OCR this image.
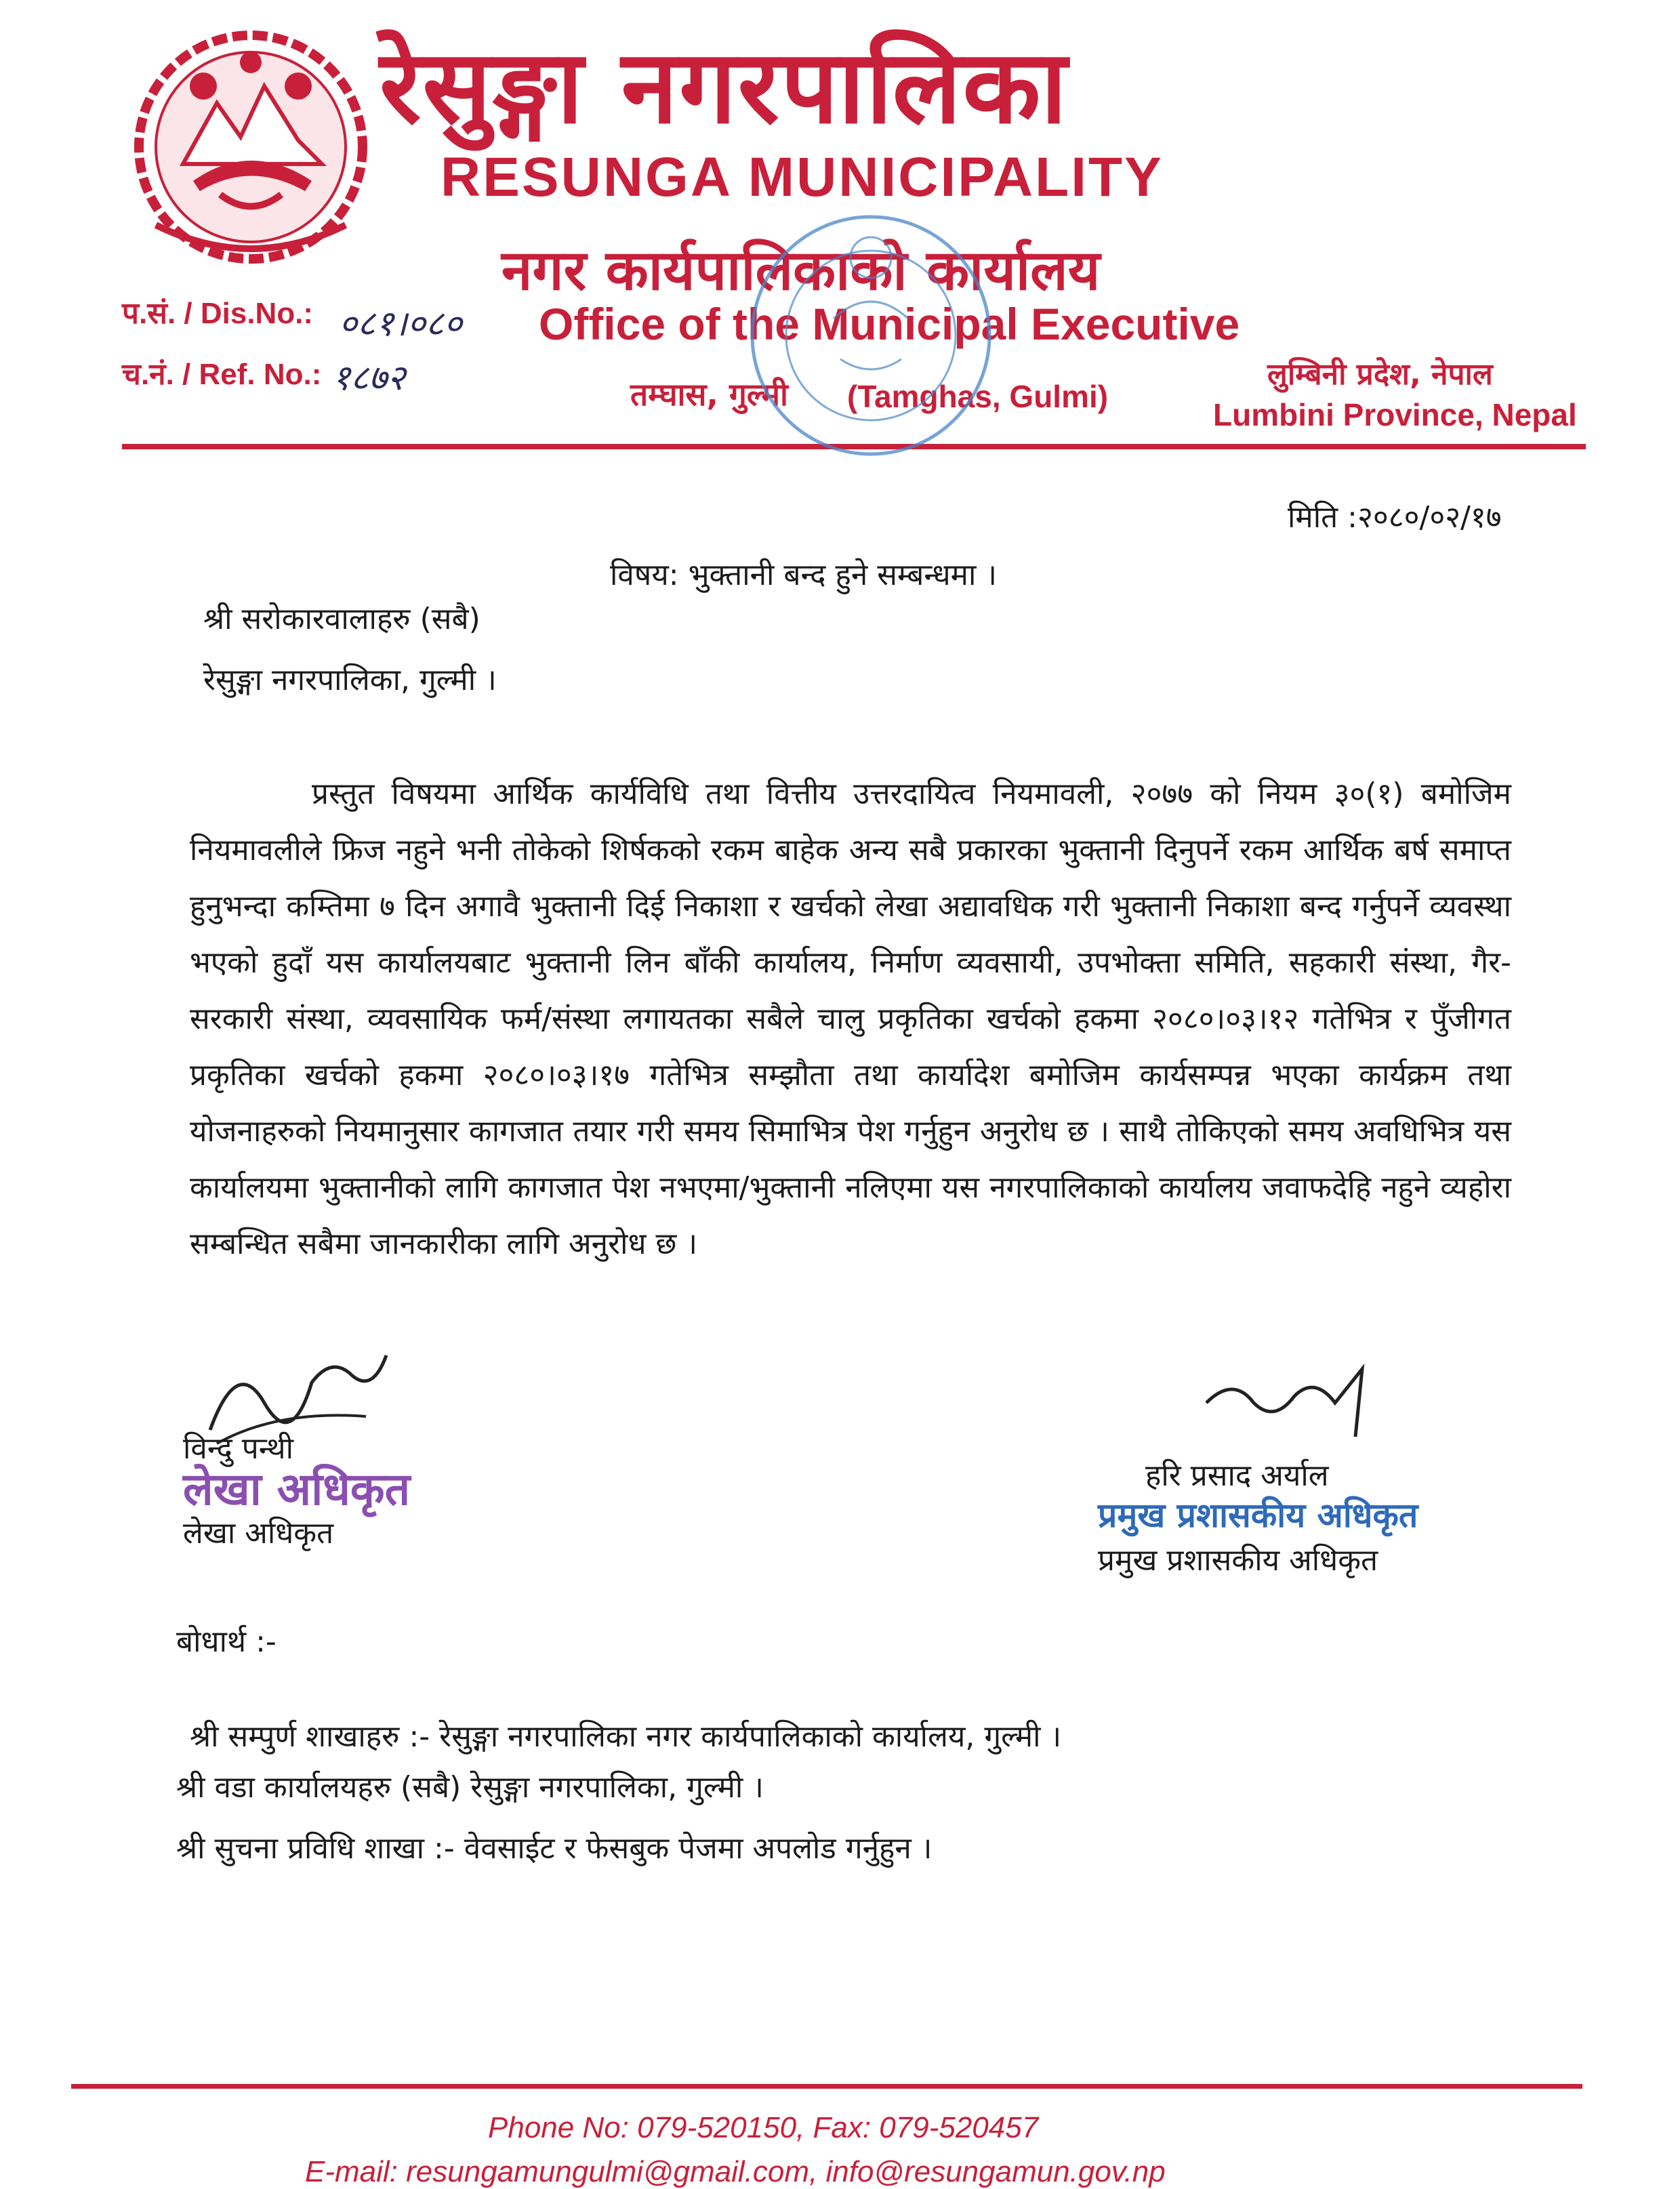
रेसुङ्गा नगरपालिका
RESUNGA MUNICIPALITY
नगर कार्यपालिकाको कार्यालय
प.सं. / Dis.No.: ०८१।०८०
च.नं. / Ref. No.: १८७२
Office of the Municipal Executive
तम्घास, गुल्मी (Tamghas, Gulmi)
लुम्बिनी प्रदेश, नेपाल
Lumbini Province, Nepal
मिति :२०८०/०२/१७
विषय: भुक्तानी बन्द हुने सम्बन्धमा ।
श्री सरोकारवालाहरु (सबै)
रेसुङ्गा नगरपालिका, गुल्मी ।
प्रस्तुत विषयमा आर्थिक कार्यविधि तथा वित्तीय उत्तरदायित्व नियमावली, २०७७ को नियम ३०(१) बमोजिम नियमावलीले फ्रिज नहुने भनी तोकेको शिर्षकको रकम बाहेक अन्य सबै प्रकारका भुक्तानी दिनुपर्ने रकम आर्थिक बर्ष समाप्त हुनुभन्दा कम्तिमा ७ दिन अगावै भुक्तानी दिई निकाशा र खर्चको लेखा अद्यावधिक गरी भुक्तानी निकाशा बन्द गर्नुपर्ने व्यवस्था भएको हुदाँ यस कार्यालयबाट भुक्तानी लिन बाँकी कार्यालय, निर्माण व्यवसायी, उपभोक्ता समिति, सहकारी संस्था, गैर-सरकारी संस्था, व्यवसायिक फर्म/संस्था लगायतका सबैले चालु प्रकृतिका खर्चको हकमा २०८०।०३।१२ गतेभित्र र पुँजीगत प्रकृतिका खर्चको हकमा २०८०।०३।१७ गतेभित्र सम्झौता तथा कार्यादेश बमोजिम कार्यसम्पन्न भएका कार्यक्रम तथा योजनाहरुको नियमानुसार कागजात तयार गरी समय सिमाभित्र पेश गर्नुहुन अनुरोध छ । साथै तोकिएको समय अवधिभित्र यस कार्यालयमा भुक्तानीको लागि कागजात पेश नभएमा/भुक्तानी नलिएमा यस नगरपालिकाको कार्यालय जवाफदेहि नहुने व्यहोरा सम्बन्धित सबैमा जानकारीका लागि अनुरोध छ ।
विन्दु पन्थी
लेखा अधिकृत
लेखा अधिकृत
हरि प्रसाद अर्याल
प्रमुख प्रशासकीय अधिकृत
प्रमुख प्रशासकीय अधिकृत
बोधार्थ :-
श्री सम्पुर्ण शाखाहरु :- रेसुङ्गा नगरपालिका नगर कार्यपालिकाको कार्यालय, गुल्मी ।
श्री वडा कार्यालयहरु (सबै) रेसुङ्गा नगरपालिका, गुल्मी ।
श्री सुचना प्रविधि शाखा :- वेवसाईट र फेसबुक पेजमा अपलोड गर्नुहुन ।
Phone No: 079-520150, Fax: 079-520457
E-mail: resungamungulmi@gmail.com, info@resungamun.gov.np
